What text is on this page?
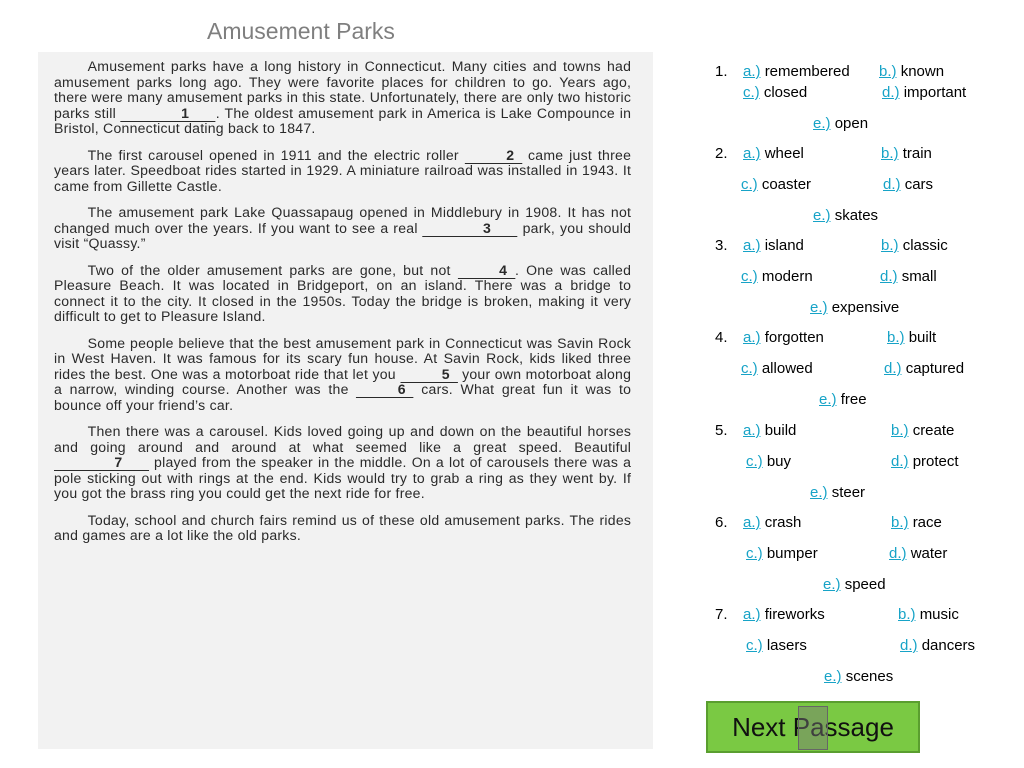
Amusement Parks

Amusement parks have a long history in Connecticut. Many cities and towns had amusement parks long ago. They were favorite places for children to go. Years ago, there were many amusement parks in this state. Unfortunately, there are only two historic parks still	1 . The oldest amusement park in America is Lake Compounce in Bristol, Connecticut dating back to 1847.

The first carousel opened in 1911 and the electric roller	2 came just three years later. Speedboat rides started in 1929. A miniature railroad was installed in 1943. It came from Gillette Castle.

The amusement park Lake Quassapaug opened in Middlebury in 1908. It has not changed much over the years. If you want to see a real	3 park, you should visit “Quassy.”

Two of the older amusement parks are gone, but not	4 . One was called Pleasure Beach. It was located in Bridgeport, on an island. There was a bridge to connect it to the city. It closed in the 1950s. Today the bridge is broken, making it very difficult to get to Pleasure Island.

Some people believe that the best amusement park in Connecticut was Savin Rock in West Haven. It was famous for its scary fun house. At Savin Rock, kids liked three rides the best. One was a motorboat ride that let you	5 your own motorboat along a narrow, winding course. Another was the	6 cars. What great fun it was to bounce off your friend’s car.

Then there was a carousel. Kids loved going up and down on the beautiful horses and going around and around at what seemed like a great speed. Beautiful 7 played from the speaker in the middle. On a lot of carousels there was a pole sticking out with rings at the end. Kids would try to grab a ring as they went by. If you got the brass ring you could get the next ride for free.

Today, school and church fairs remind us of these old amusement parks. The rides and games are a lot like the old parks.

1. a.) remembered b.) known
c.) closed	d.) important
e.) open
2. a.) wheel	b.) train
c.) coaster	d.) cars
e.) skates
3. a.) island	b.) classic
c.) modern	d.) small
e.) expensive
4. a.) forgotten	b.) built
c.) allowed	d.) captured
e.) free
5. a.) build	b.) create
c.) buy	d.) protect
e.) steer
6. a.) crash	b.) race
c.) bumper	d.) water
e.) speed
7. a.) fireworks	b.) music
c.) lasers	d.) dancers
e.) scenes
Next Passage
